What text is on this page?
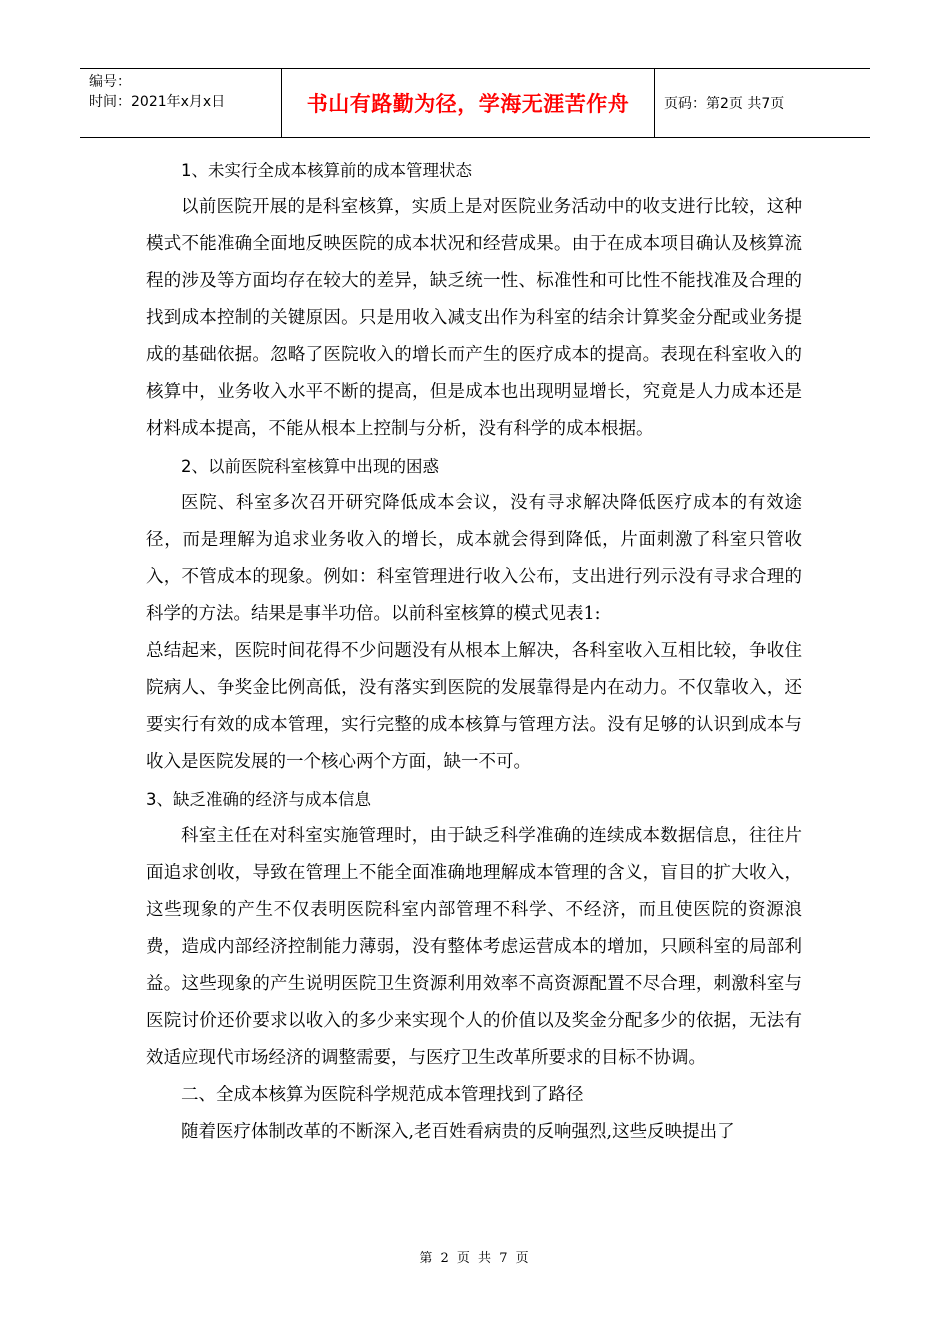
编号：
时间：2021年x月x日	书山有路勤为径，学海无涯苦作舟	页码：第2页 共7页

1、未实行全成本核算前的成本管理状态

以前医院开展的是科室核算，实质上是对医院业务活动中的收支进行比较，这种模式不能准确全面地反映医院的成本状况和经营成果。由于在成本项目确认及核算流程的涉及等方面均存在较大的差异，缺乏统一性、标准性和可比性不能找准及合理的找到成本控制的关键原因。只是用收入减支出作为科室的结余计算奖金分配或业务提成的基础依据。忽略了医院收入的增长而产生的医疗成本的提高。表现在科室收入的核算中，业务收入水平不断的提高，但是成本也出现明显增长，究竟是人力成本还是材料成本提高，不能从根本上控制与分析，没有科学的成本根据。

2、以前医院科室核算中出现的困惑

医院、科室多次召开研究降低成本会议，没有寻求解决降低医疗成本的有效途径，而是理解为追求业务收入的增长，成本就会得到降低，片面刺激了科室只管收入，不管成本的现象。例如：科室管理进行收入公布，支出进行列示没有寻求合理的科学的方法。结果是事半功倍。以前科室核算的模式见表1:

总结起来，医院时间花得不少问题没有从根本上解决，各科室收入互相比较，争收住院病人、争奖金比例高低，没有落实到医院的发展靠得是内在动力。不仅靠收入，还要实行有效的成本管理，实行完整的成本核算与管理方法。没有足够的认识到成本与收入是医院发展的一个核心两个方面，缺一不可。

3、缺乏准确的经济与成本信息

科室主任在对科室实施管理时，由于缺乏科学准确的连续成本数据信息，往往片面追求创收，导致在管理上不能全面准确地理解成本管理的含义，盲目的扩大收入，这些现象的产生不仅表明医院科室内部管理不科学、不经济，而且使医院的资源浪费，造成内部经济控制能力薄弱，没有整体考虑运营成本的增加，只顾科室的局部利益。这些现象的产生说明医院卫生资源利用效率不高资源配置不尽合理，刺激科室与医院讨价还价要求以收入的多少来实现个人的价值以及奖金分配多少的依据，无法有效适应现代市场经济的调整需要，与医疗卫生改革所要求的目标不协调。

二、全成本核算为医院科学规范成本管理找到了路径

随着医疗体制改革的不断深入,老百姓看病贵的反响强烈,这些反映提出了

第 2 页 共 7 页
